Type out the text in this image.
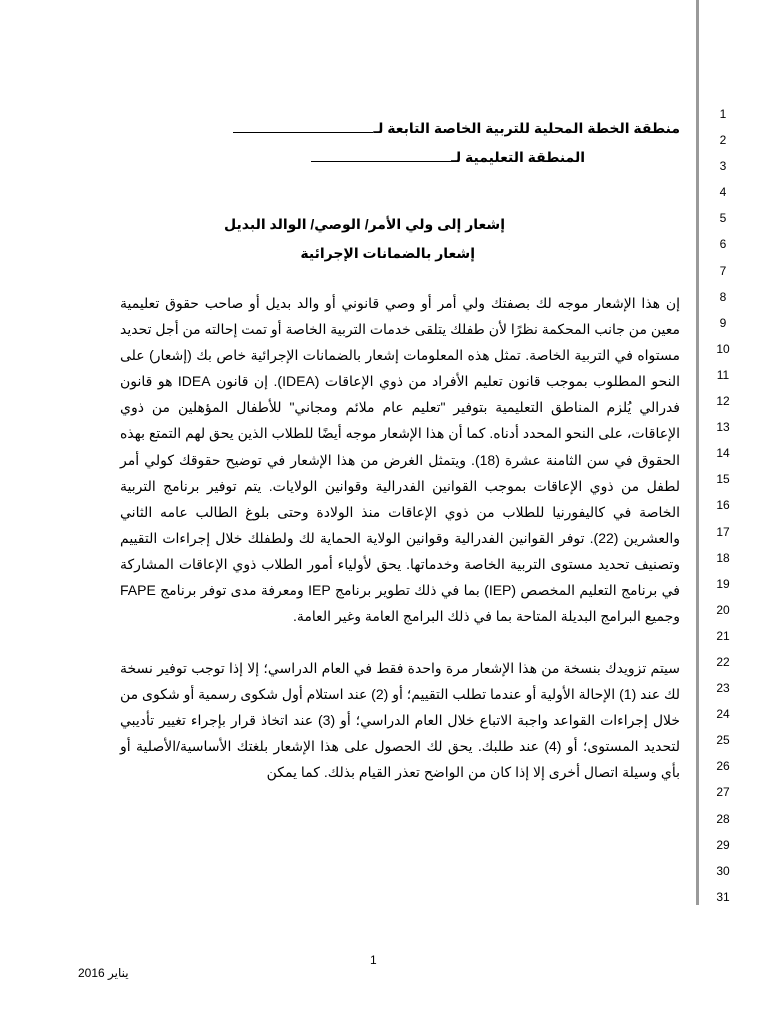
1
2
3
4
5
6
7
8
9
10
11
12
13
14
15
16
17
18
19
20
21
22
23
24
25
26
27
28
29
30
31
منطقة الخطة المحلية للتربية الخاصة التابعة لـ
المنطقة التعليمية لـ
إشعار إلى ولي الأمر/ الوصي/ الوالد البديل
إشعار بالضمانات الإجرائية
إن هذا الإشعار موجه لك بصفتك ولي أمر أو وصي قانوني أو والد بديل أو صاحب حقوق تعليمية معين من جانب المحكمة نظرًا لأن طفلك يتلقى خدمات التربية الخاصة أو تمت إحالته من أجل تحديد مستواه في التربية الخاصة. تمثل هذه المعلومات إشعار بالضمانات الإجرائية خاص بك (إشعار) على النحو المطلوب بموجب قانون تعليم الأفراد من ذوي الإعاقات (IDEA). إن قانون IDEA هو قانون فدرالي يُلزم المناطق التعليمية بتوفير "تعليم عام ملائم ومجاني" للأطفال المؤهلين من ذوي الإعاقات، على النحو المحدد أدناه. كما أن هذا الإشعار موجه أيضًا للطلاب الذين يحق لهم التمتع بهذه الحقوق في سن الثامنة عشرة (18). ويتمثل الغرض من هذا الإشعار في توضيح حقوقك كولي أمر لطفل من ذوي الإعاقات بموجب القوانين الفدرالية وقوانين الولايات. يتم توفير برنامج التربية الخاصة في كاليفورنيا للطلاب من ذوي الإعاقات منذ الولادة وحتى بلوغ الطالب عامه الثاني والعشرين (22). توفر القوانين الفدرالية وقوانين الولاية الحماية لك ولطفلك خلال إجراءات التقييم وتصنيف تحديد مستوى التربية الخاصة وخدماتها. يحق لأولياء أمور الطلاب ذوي الإعاقات المشاركة في برنامج التعليم المخصص (IEP) بما في ذلك تطوير برنامج IEP ومعرفة مدى توفر برنامج FAPE وجميع البرامج البديلة المتاحة بما في ذلك البرامج العامة وغير العامة.
سيتم تزويدك بنسخة من هذا الإشعار مرة واحدة فقط في العام الدراسي؛ إلا إذا توجب توفير نسخة لك عند (1) الإحالة الأولية أو عندما تطلب التقييم؛ أو (2) عند استلام أول شكوى رسمية أو شكوى من خلال إجراءات القواعد واجبة الاتباع خلال العام الدراسي؛ أو (3) عند اتخاذ قرار بإجراء تغيير تأديبي لتحديد المستوى؛ أو (4) عند طلبك. يحق لك الحصول على هذا الإشعار بلغتك الأساسية/الأصلية أو بأي وسيلة اتصال أخرى إلا إذا كان من الواضح تعذر القيام بذلك. كما يمكن
1
يناير 2016
